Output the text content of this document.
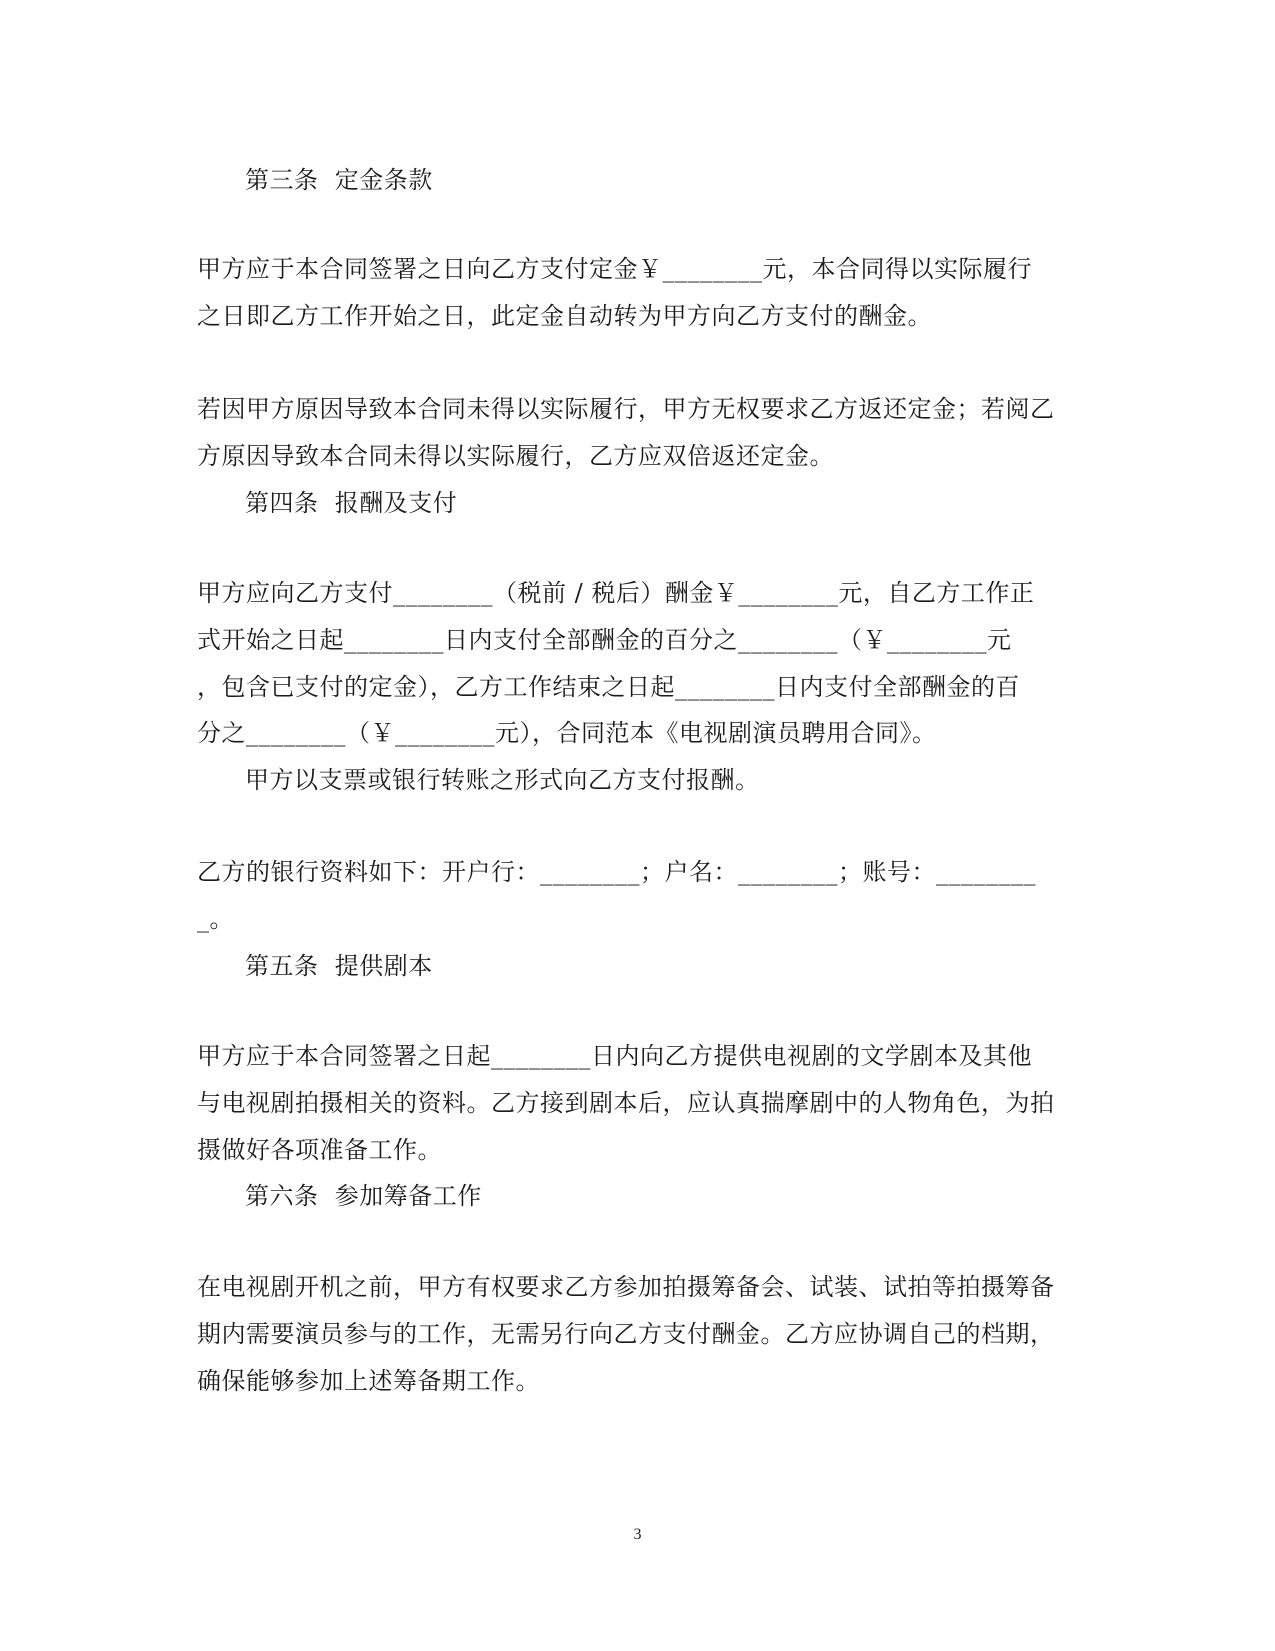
第三条  定金条款
甲方应于本合同签署之日向乙方支付定金￥________元，本合同得以实际履行
之日即乙方工作开始之日，此定金自动转为甲方向乙方支付的酬金。
若因甲方原因导致本合同未得以实际履行，甲方无权要求乙方返还定金；若阅乙
方原因导致本合同未得以实际履行，乙方应双倍返还定金。
第四条  报酬及支付
甲方应向乙方支付________（税前 / 税后）酬金￥________元，自乙方工作正
式开始之日起________日内支付全部酬金的百分之________（￥________元
，包含已支付的定金），乙方工作结束之日起________日内支付全部酬金的百
分之________（￥________元），合同范本《电视剧演员聘用合同》。
甲方以支票或银行转账之形式向乙方支付报酬。
乙方的银行资料如下：开户行：________；户名：________；账号：________
_。
第五条  提供剧本
甲方应于本合同签署之日起________日内向乙方提供电视剧的文学剧本及其他
与电视剧拍摄相关的资料。乙方接到剧本后，应认真揣摩剧中的人物角色，为拍
摄做好各项准备工作。
第六条  参加筹备工作
在电视剧开机之前，甲方有权要求乙方参加拍摄筹备会、试装、试拍等拍摄筹备
期内需要演员参与的工作，无需另行向乙方支付酬金。乙方应协调自己的档期，
确保能够参加上述筹备期工作。
3
